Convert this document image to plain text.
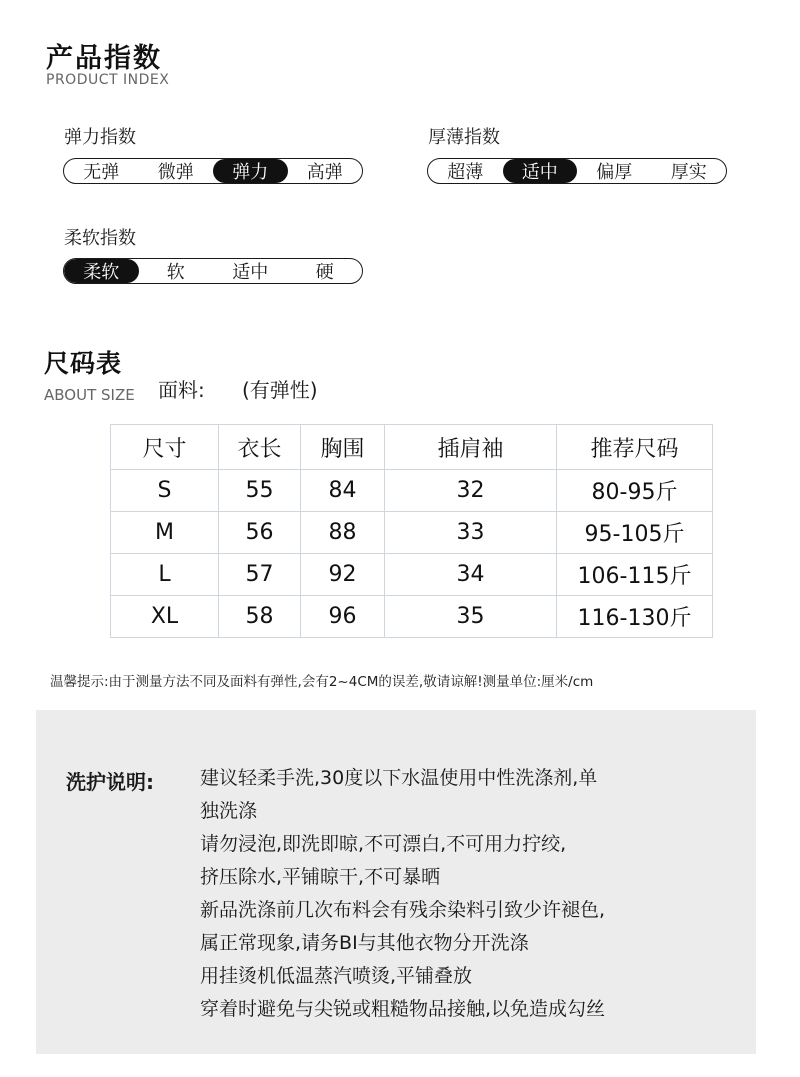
产品指数
PRODUCT INDEX
弹力指数
无弹	微弹	弹力	高弹
厚薄指数
超薄	适中	偏厚	厚实
柔软指数
柔软	软	适中	硬
尺码表
ABOUT SIZE 面料: (有弹性)
尺寸	衣长	胸围	插肩袖	推荐尺码
S	55	84	32	80-95斤
M	56	88	33	95-105斤
L	57	92	34	106-115斤
XL	58	96	35	116-130斤
温馨提示:由于测量方法不同及面料有弹性,会有2~4CM的误差,敬请谅解!测量单位:厘米/cm
洗护说明: 建议轻柔手洗,30度以下水温使用中性洗涤剂,单
独洗涤
请勿浸泡,即洗即晾,不可漂白,不可用力拧绞,
挤压除水,平铺晾干,不可暴晒
新品洗涤前几次布料会有残余染料引致少许褪色,
属正常现象,请务BI与其他衣物分开洗涤
用挂烫机低温蒸汽喷烫,平铺叠放
穿着时避免与尖锐或粗糙物品接触,以免造成勾丝
